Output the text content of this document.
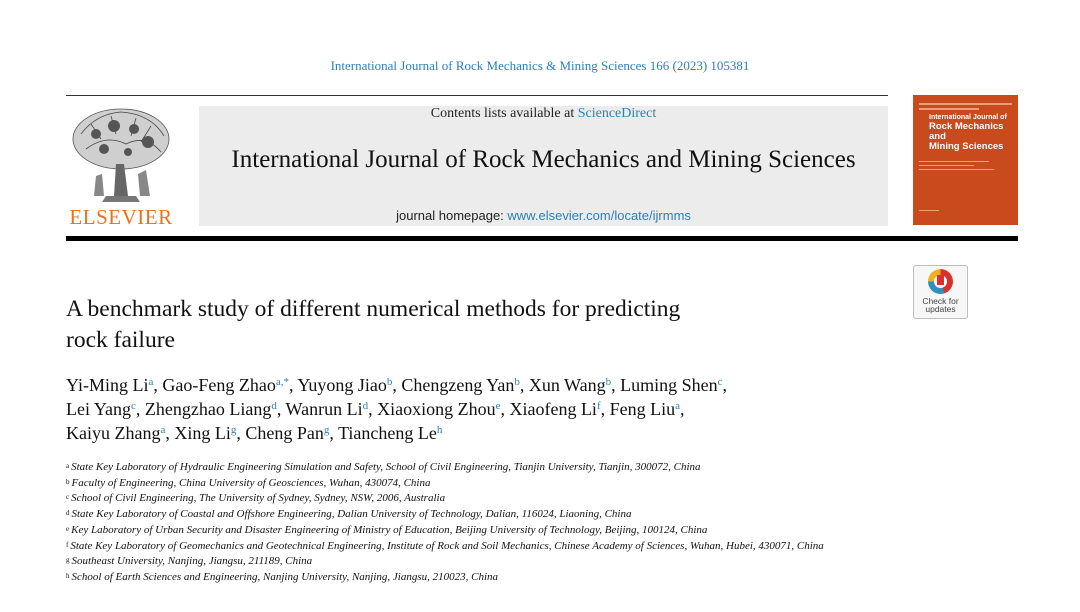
International Journal of Rock Mechanics & Mining Sciences 166 (2023) 105381
ELSEVIER
Contents lists available at ScienceDirect
International Journal of Rock Mechanics and Mining Sciences
journal homepage: www.elsevier.com/locate/ijrmms
International Journal of
Rock Mechanics
and
Mining Sciences
Check for
updates
A benchmark study of different numerical methods for predicting
rock failure
Yi-Ming Li$^a$, Gao-Feng Zhao$^{a,*}$, Yuyong Jiao$^b$, Chengzeng Yan$^b$, Xun Wang$^b$, Luming Shen$^c$,
Lei Yang$^c$, Zhengzhao Liang$^d$, Wanrun Li$^d$, Xiaoxiong Zhou$^e$, Xiaofeng Li$^f$, Feng Liu$^a$,
Kaiyu Zhang$^a$, Xing Li$^g$, Cheng Pan$^g$, Tiancheng Le$^h$
$^a$ State Key Laboratory of Hydraulic Engineering Simulation and Safety, School of Civil Engineering, Tianjin University, Tianjin, 300072, China
$^b$ Faculty of Engineering, China University of Geosciences, Wuhan, 430074, China
$^c$ School of Civil Engineering, The University of Sydney, Sydney, NSW, 2006, Australia
$^d$ State Key Laboratory of Coastal and Offshore Engineering, Dalian University of Technology, Dalian, 116024, Liaoning, China
$^e$ Key Laboratory of Urban Security and Disaster Engineering of Ministry of Education, Beijing University of Technology, Beijing, 100124, China
$^f$ State Key Laboratory of Geomechanics and Geotechnical Engineering, Institute of Rock and Soil Mechanics, Chinese Academy of Sciences, Wuhan, Hubei, 430071, China
$^g$ Southeast University, Nanjing, Jiangsu, 211189, China
$^h$ School of Earth Sciences and Engineering, Nanjing University, Nanjing, Jiangsu, 210023, China
